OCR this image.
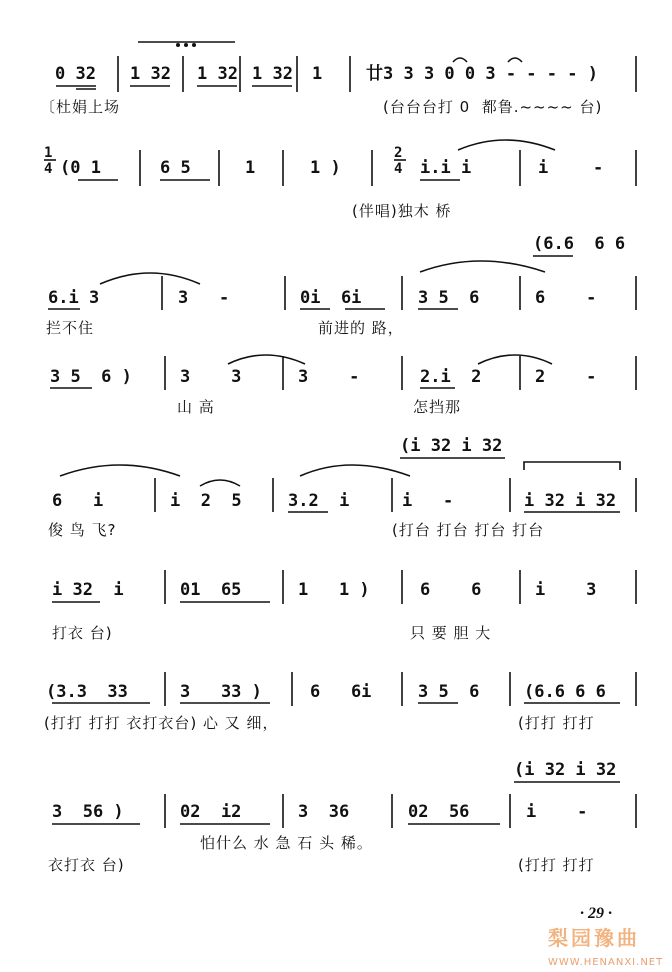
0 32 1 32 1 32 1 32 1	廿3 3 3 0 0 3 - - - - )
〔杜娟上场	(台台台打 0  都鲁.~~~~ 台)
1
4 (0 1	6 5	1	1 )
2
4 i.i i	i	-
(伴唱)独木 桥
(6.6  6 6
6.i 3	3   -	0i  6i	3 5  6	6    -
拦不住	前进的 路，
3 5  6 )	3    3	3    -	2.i  2	2    -
山 高	怎挡那
(i 32 i 32
6   i	i  2  5	3.2  i	i   -	i 32 i 32
俊 鸟 飞?	(打台 打台 打台 打台
i 32  i	01  65	1   1 )	6    6	i    3
打衣 台)	只 要 胆 大
(3.3  33	3   33 )	6   6i	3 5  6	(6.6 6 6
(打打 打打 衣打衣台) 心 又 细，	(打打 打打
(i 32 i 32
3  56 )	02  i2	3  36	02  56	i    -
怕什么 水 急 石 头 稀。
衣打衣 台)	(打打 打打
· 29 ·
梨园豫曲
WWW.HENANXI.NET
